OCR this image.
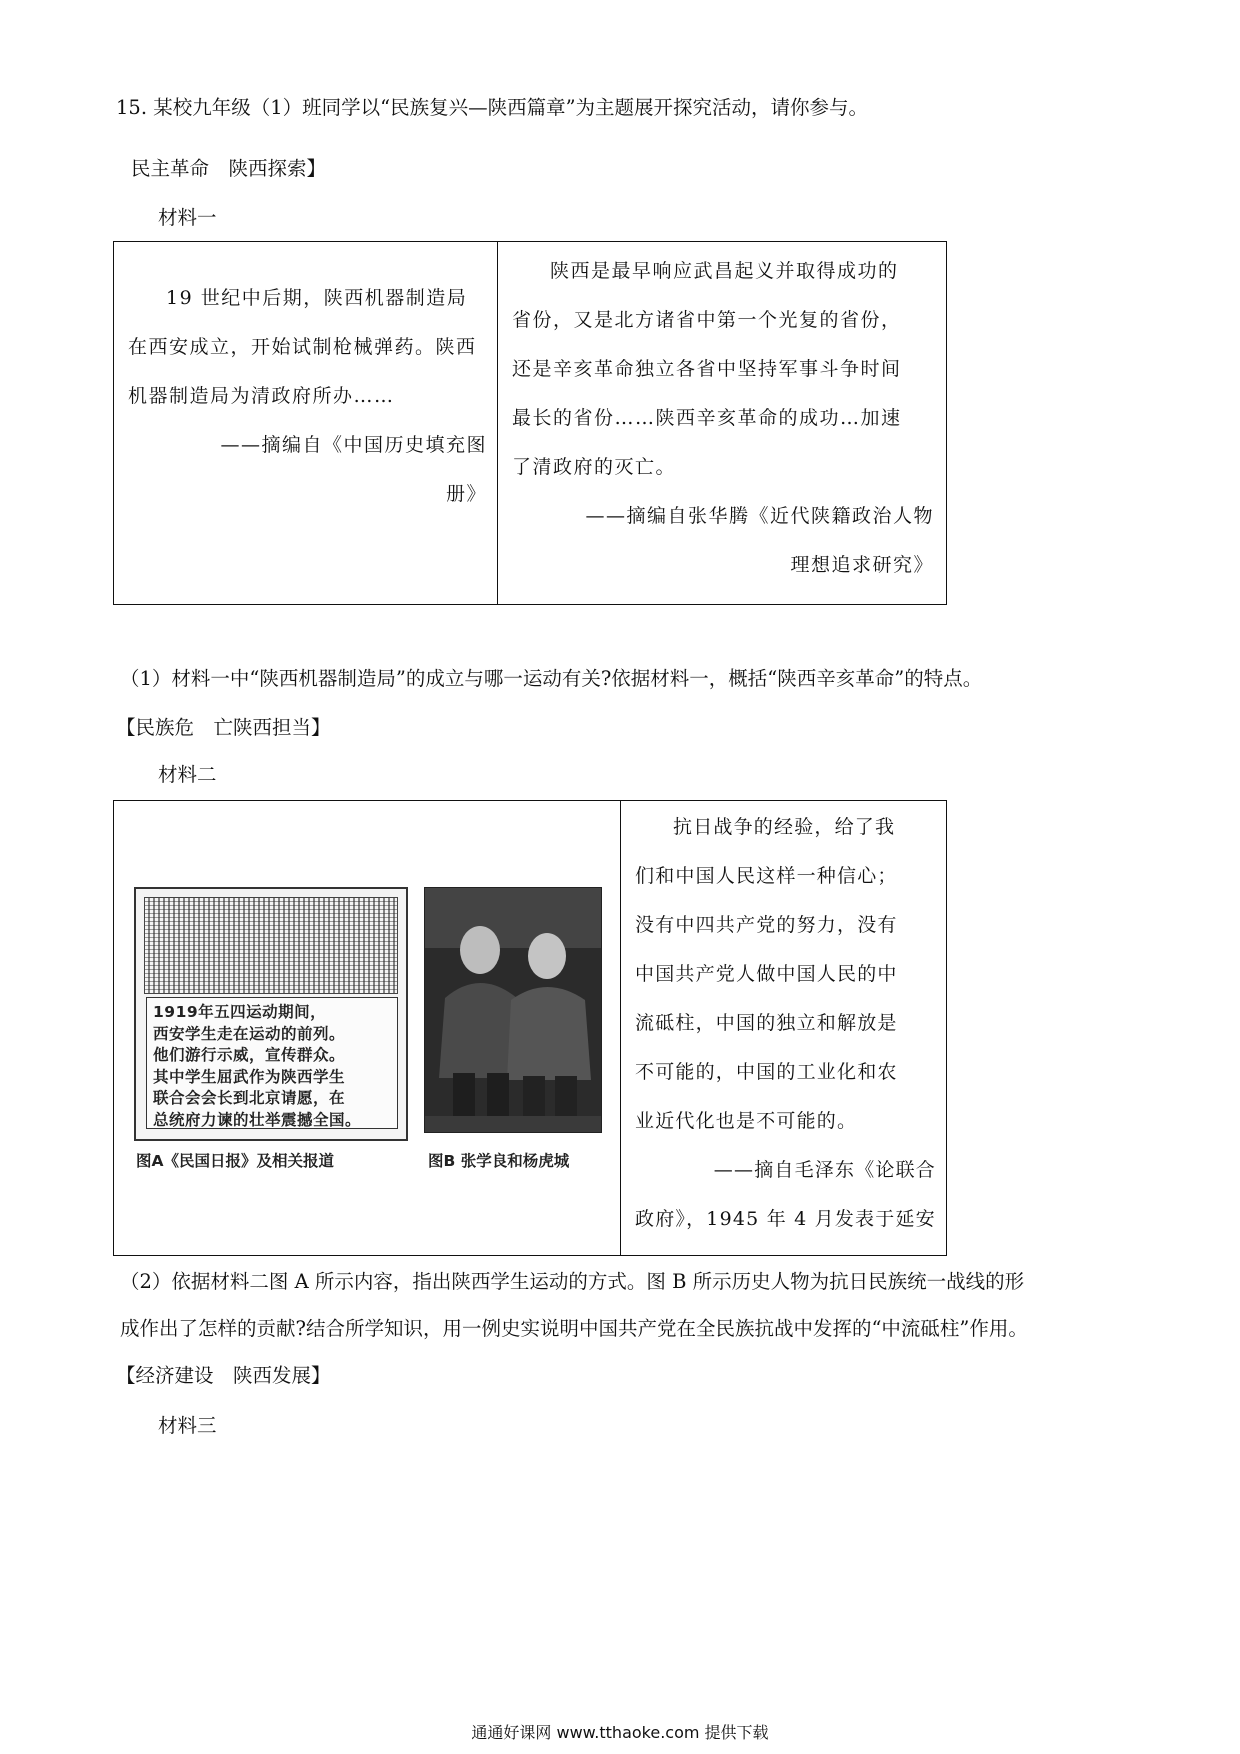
15. 某校九年级（1）班同学以“民族复兴—陕西篇章”为主题展开探究活动，请你参与。
民主革命　陕西探索】
材料一
19 世纪中后期，陕西机器制造局
在西安成立，开始试制枪械弹药。陕西
机器制造局为清政府所办……
——摘编自《中国历史填充图
册》

陕西是最早响应武昌起义并取得成功的
省份，又是北方诸省中第一个光复的省份，
还是辛亥革命独立各省中坚持军事斗争时间
最长的省份……陕西辛亥革命的成功…加速
了清政府的灭亡。
——摘编自张华腾《近代陕籍政治人物
理想追求研究》
（1）材料一中“陕西机器制造局”的成立与哪一运动有关?依据材料一，概括“陕西辛亥革命”的特点。
【民族危　亡陕西担当】
材料二
1919年五四运动期间，
西安学生走在运动的前列。
他们游行示威，宣传群众。
其中学生屈武作为陕西学生
联合会会长到北京请愿，在
总统府力谏的壮举震撼全国。
图A《民国日报》及相关报道	图B 张学良和杨虎城

抗日战争的经验，给了我
们和中国人民这样一种信心；
没有中四共产党的努力，没有
中国共产党人做中国人民的中
流砥柱，中国的独立和解放是
不可能的，中国的工业化和农
业近代化也是不可能的。
——摘自毛泽东《论联合
政府》，1945 年 4 月发表于延安
（2）依据材料二图 A 所示内容，指出陕西学生运动的方式。图 B 所示历史人物为抗日民族统一战线的形
成作出了怎样的贡献?结合所学知识，用一例史实说明中国共产党在全民族抗战中发挥的“中流砥柱”作用。
【经济建设　陕西发展】
材料三
通通好课网 www.tthaoke.com 提供下载
